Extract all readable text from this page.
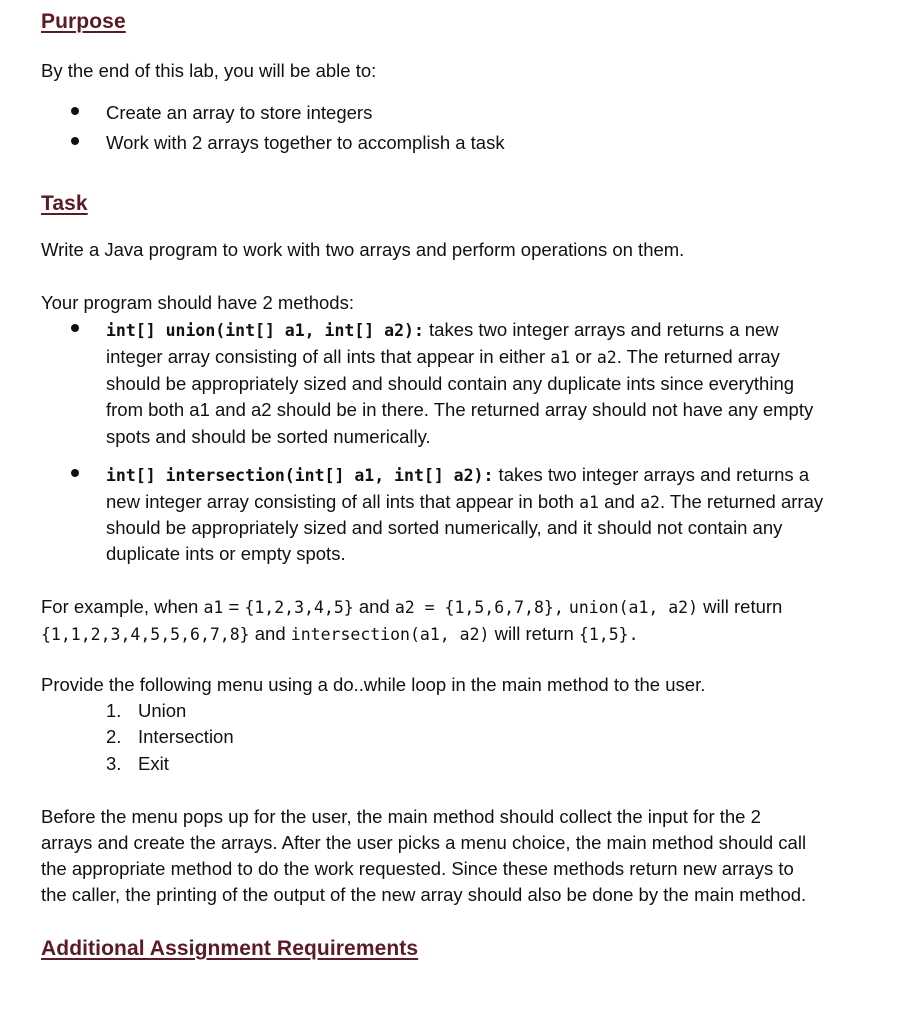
Purpose
By the end of this lab, you will be able to:
Create an array to store integers
Work with 2 arrays together to accomplish a task
Task
Write a Java program to work with two arrays and perform operations on them.
Your program should have 2 methods:
int[] union(int[] a1, int[] a2): takes two integer arrays and returns a new
integer array consisting of all ints that appear in either a1 or a2. The returned array
should be appropriately sized and should contain any duplicate ints since everything
from both a1 and a2 should be in there. The returned array should not have any empty
spots and should be sorted numerically.
int[] intersection(int[] a1, int[] a2): takes two integer arrays and returns a
new integer array consisting of all ints that appear in both a1 and a2. The returned array
should be appropriately sized and sorted numerically, and it should not contain any
duplicate ints or empty spots.
For example, when a1 = {1,2,3,4,5} and a2 = {1,5,6,7,8}, union(a1, a2) will return
{1,1,2,3,4,5,5,6,7,8} and intersection(a1, a2) will return {1,5}.
Provide the following menu using a do..while loop in the main method to the user.
1. Union
2. Intersection
3. Exit
Before the menu pops up for the user, the main method should collect the input for the 2
arrays and create the arrays. After the user picks a menu choice, the main method should call
the appropriate method to do the work requested. Since these methods return new arrays to
the caller, the printing of the output of the new array should also be done by the main method.
Additional Assignment Requirements
